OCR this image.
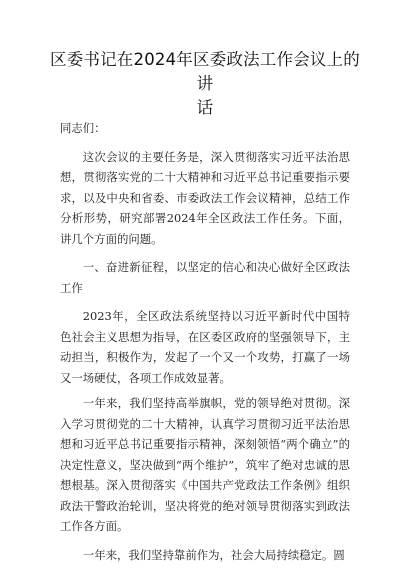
区委书记在2024年区委政法工作会议上的讲
话

同志们：

这次会议的主要任务是，深入贯彻落实习近平法治思想，贯彻落实党的二十大精神和习近平总书记重要指示要求，以及中央和省委、市委政法工作会议精神，总结工作分析形势，研究部署2024年全区政法工作任务。下面，讲几个方面的问题。

一、奋进新征程，以坚定的信心和决心做好全区政法工作

2023年，全区政法系统坚持以习近平新时代中国特色社会主义思想为指导，在区委区政府的坚强领导下，主动担当，积极作为，发起了一个又一个攻势，打赢了一场又一场硬仗，各项工作成效显著。

一年来，我们坚持高举旗帜，党的领导绝对贯彻。深入学习贯彻党的二十大精神，认真学习贯彻习近平法治思想和习近平总书记重要指示精神，深刻领悟“两个确立”的决定性意义，坚决做到“两个维护”，筑牢了绝对忠诚的思想根基。深入贯彻落实《中国共产党政法工作条例》组织政法干警政治轮训，坚决将党的绝对领导贯彻落实到政法工作各方面。

一年来，我们坚持靠前作为，社会大局持续稳定。圆
